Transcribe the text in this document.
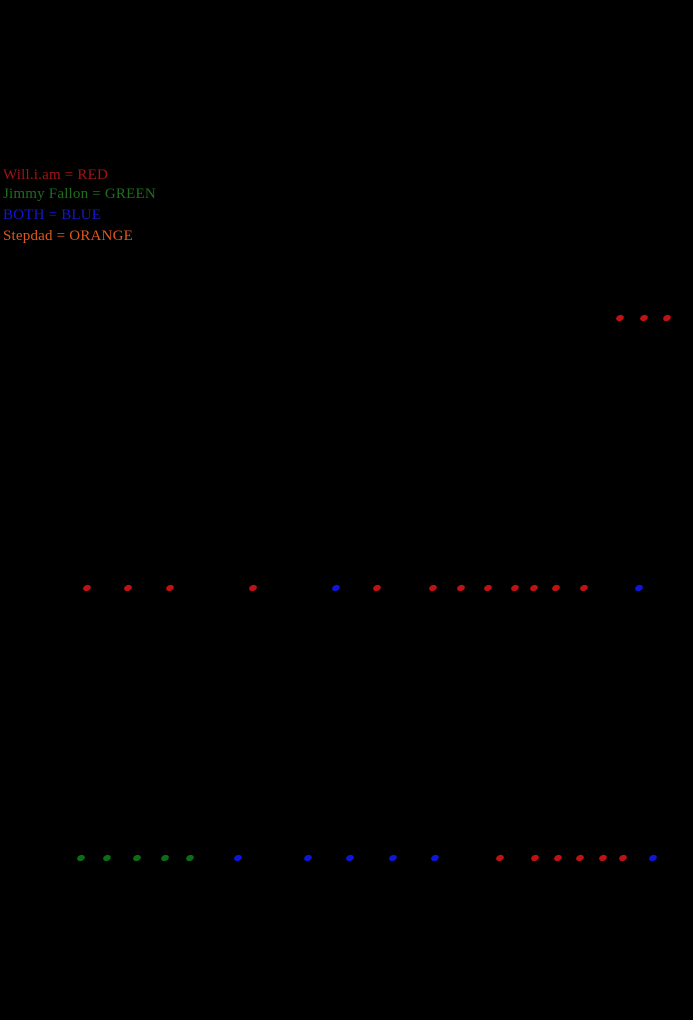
Will.i.am = RED
Jimmy Fallon = GREEN
BOTH = BLUE
Stepdad = ORANGE
